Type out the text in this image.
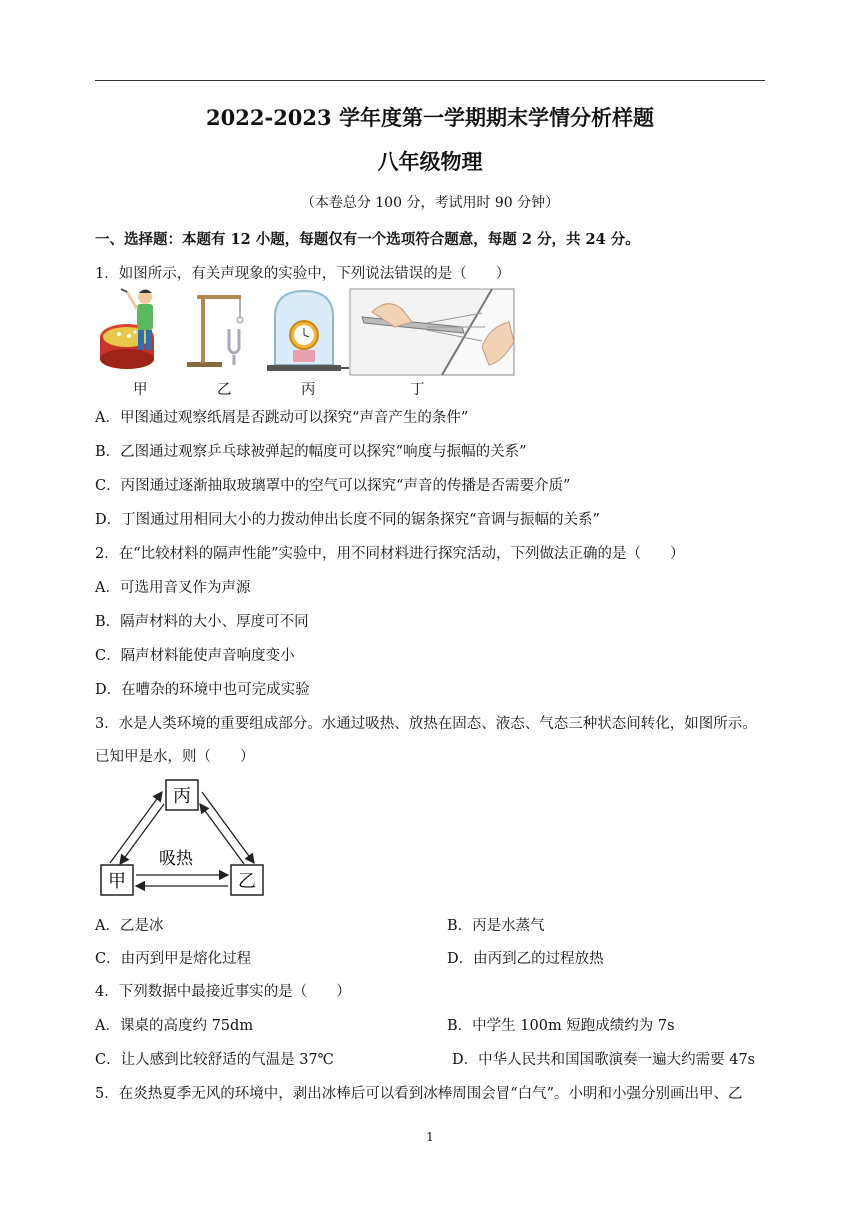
2022-2023 学年度第一学期期末学情分析样题
八年级物理
（本卷总分 100 分，考试用时 90 分钟）
一、选择题：本题有 12 小题，每题仅有一个选项符合题意，每题 2 分，共 24 分。
1．如图所示，有关声现象的实验中，下列说法错误的是（　　）
甲	乙	丙	丁
A．甲图通过观察纸屑是否跳动可以探究“声音产生的条件”
B．乙图通过观察乒乓球被弹起的幅度可以探究“响度与振幅的关系”
C．丙图通过逐渐抽取玻璃罩中的空气可以探究“声音的传播是否需要介质”
D．丁图通过用相同大小的力拨动伸出长度不同的锯条探究“音调与振幅的关系”
2．在“比较材料的隔声性能”实验中，用不同材料进行探究活动，下列做法正确的是（　　）
A．可选用音叉作为声源
B．隔声材料的大小、厚度可不同
C．隔声材料能使声音响度变小
D．在嘈杂的环境中也可完成实验
3．水是人类环境的重要组成部分。水通过吸热、放热在固态、液态、气态三种状态间转化，如图所示。
已知甲是水，则（　　）
丙
甲	乙
吸热
A．乙是冰	B．丙是水蒸气
C．由丙到甲是熔化过程	D．由丙到乙的过程放热
4．下列数据中最接近事实的是（　　）
A．课桌的高度约 75dm	B．中学生 100m 短跑成绩约为 7s
C．让人感到比较舒适的气温是 37℃	D．中华人民共和国国歌演奏一遍大约需要 47s
5．在炎热夏季无风的环境中，剥出冰棒后可以看到冰棒周围会冒“白气”。小明和小强分别画出甲、乙
1
